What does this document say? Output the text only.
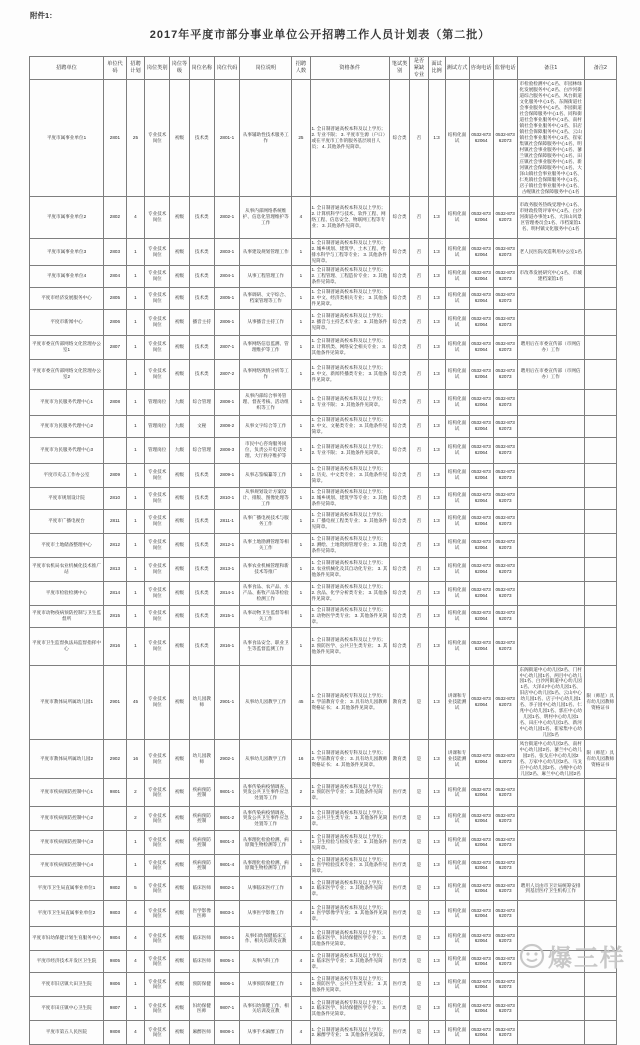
附件1：
2017年平度市部分事业单位公开招聘工作人员计划表（第二批）
招聘单位	单位代码	招聘计划	岗位类别	岗位等级	岗位名称	岗位代码	岗位说明	招聘人数	资格条件	笔试类别	是否紧缺专业	面试比例	测试方式	咨询电话	监督电话	备注1	备注2
平度市属事业单位1	2801	25	专业技术岗位	初级	技术类	2801-1	从事辅助性技术服务工作	25	1. 全日制普通高校本科及以上学历； 2. 专业不限； 3. 平度市生源（户口）或在平度市工作的服务基层项目人员； 4. 其他条件见简章。	综合类	否	1:3	结构化面试	0532-87362064	0532-87362073	市检验检测中心1名、市园林绿化发展服务中心2名、白沙河街道综合服务中心1名、凤台街道文化服务中心1名、东阁街道社会事业服务中心1名、李园街道社会保障服务中心1名、同和街道社会事业服务中心1名、南村镇社会事业服务中心1名、旧店镇社会保障服务中心1名、云山镇社会事业服务中心1名、崔家集镇社会保障服务中心1名、明村镇社会事业服务中心1名、蓼兰镇社会保障服务中心1名、田庄镇社会事业服务中心1名、新河镇社会保障服务中心1名、大泽山镇社会事业服务中心1名、仁兆镇社会保障服务中心1名、店子镇社会事业服务中心1名、古岘镇社会保障服务中心1名	
平度市属事业单位2	2802	4	专业技术岗位	初级	技术类	2802-1	从事内部网络系统维护、信息化管理维护等工作	4	1. 全日制普通高校本科及以上学历； 2. 计算机科学与技术、软件工程、网络工程、信息安全、物联网工程等专业； 3. 其他条件见简章。	综合类	否	1:3	结构化面试	0532-87362064	0532-87362073	市政务服务热线受理中心1名、市财政投资评审中心1名、白沙河街道办事处1名、大泽山风景区管理委员会1名、市档案馆1名、明村镇文化服务中心1名	
平度市属事业单位3	2803	1	专业技术岗位	初级	技术类	2803-1	从事建设规划管理工作	1	1. 全日制普通高校本科及以上学历； 2. 城乡规划、建筑学、土木工程、给排水科学与工程等专业； 3. 其他条件见简章。	综合类	否	1:3	结构化面试	0532-87362064	0532-87362073	老人民医院改造利用办公室1名	
平度市属事业单位4	2804	1	专业技术岗位	初级	技术类	2804-1	从事工程管理工作	1	1. 全日制普通高校本科及以上学历； 2. 工程管理、工程造价专业； 3. 其他条件见简章。	综合类	否	1:3	结构化面试	0532-87362064	0532-87362073	市改革发展研究中心1名、市城建档案馆1名	
平度市经济发展服务中心	2805	1	专业技术岗位	初级	技术类	2805-1	从事调研、文字综合、档案管理等工作	1	1. 全日制普通高校本科及以上学历； 2. 中文、经济类相关专业； 3. 其他条件见简章。	综合类	否	1:3	结构化面试	0532-87362064	0532-87362073		
平度市新闻中心	2806	1	专业技术岗位	初级	播音主持	2806-1	从事播音主持工作	1	1. 全日制普通高校本科及以上学历； 2. 播音与主持艺术专业； 3. 其他条件见简章。	综合类	否	1:3	结构化面试	0532-87362064	0532-87362073		
平度市委宣传部网络文化管理办公室1	2807	1	专业技术岗位	初级	技术类	2807-1	从事网络信息监测、管理维护等工作	1	1. 全日制普通高校本科及以上学历； 2. 计算机类、网络安全相关专业； 3. 其他条件见简章。	综合类	否	1:3	结构化面试	0532-87362064	0532-87362073	聘用后在市委宣传部（市网信办）工作	
平度市委宣传部网络文化管理办公室2		1	专业技术岗位	初级	技术类	2807-2	从事网络舆情分析等工作	1	1. 全日制普通高校本科及以上学历； 2. 中文、新闻传播类专业； 3. 其他条件见简章。	综合类	否	1:3	结构化面试	0532-87362064	0532-87362073	聘用后在市委宣传部（市网信办）工作	
平度市为民服务代理中心1	2808	1	管理岗位	九级	综合管理	2808-1	从事内部综合事务管理、督查考核、活动组织等工作	1	1. 全日制普通高校本科及以上学历； 2. 专业不限； 3. 其他条件见简章。	综合类	否	1:3	结构化面试	0532-87362064	0532-87362073		
平度市为民服务代理中心2		1	管理岗位	九级	文秘	2808-2	从事文字综合等工作	1	1. 全日制普通高校本科及以上学历； 2. 中文、文秘类专业； 3. 其他条件见简章。	综合类	否	1:3	结构化面试	0532-87362064	0532-87362073		
平度市为民服务代理中心3		1	管理岗位	九级	综合管理	2808-3	市民中心咨询服务岗位，负责公开电话受理、大厅秩序维护等	1	1. 全日制普通高校本科及以上学历； 2. 专业不限； 3. 其他条件见简章。	综合类	否	1:3	结构化面试	0532-87362064	0532-87362073		
平度市史志工作办公室	2809	1	专业技术岗位	初级	技术类	2809-1	从事志鉴编纂等工作	1	1. 全日制普通高校本科及以上学历； 2. 历史、中文类专业； 3. 其他条件见简章。	综合类	否	1:3	结构化面试	0532-87362064	0532-87362073		
平度市规划设计院	2810	1	专业技术岗位	初级	技术类	2810-1	从事规划设计方案设计、排版、图像处理等工作	1	1. 全日制普通高校本科及以上学历； 2. 城乡规划、建筑学等专业； 3. 其他条件见简章。	综合类	否	1:3	结构化面试	0532-87362064	0532-87362073		
平度市广播电视台	2811	1	专业技术岗位	初级	技术类	2811-1	从事广播电视技术与服务工作	1	1. 全日制普通高校本科及以上学历； 2. 广播电视工程类专业； 3. 其他条件见简章。	综合类	否	1:3	结构化面试	0532-87362064	0532-87362073		
平度市土地储备整理中心	2812	1	专业技术岗位	初级	技术类	2812-1	从事土地勘测管理等相关工作	1	1. 全日制普通高校本科及以上学历； 2. 测绘、土地资源管理专业； 3. 其他条件见简章。	综合类	否	1:3	结构化面试	0532-87362064	0532-87362073		
平度市农机局农业机械化技术推广站	2813	1	专业技术岗位	初级	技术类	2813-1	从事农业机械管理和新技术等推广	1	1. 全日制普通高校本科及以上学历； 2. 农业机械化及其自动化专业； 3. 其他条件见简章。	综合类	否	1:3	结构化面试	0532-87362064	0532-87362073		
平度市检验检测中心	2814	1	专业技术岗位	初级	技术类	2814-1	从事食品、农产品、水产品、畜牧产品等检验检测工作	1	1. 全日制普通高校本科及以上学历； 2. 食品、化学分析类专业； 3. 其他条件见简章。	综合类	否	1:3	结构化面试	0532-87362064	0532-87362073		
平度市动物疫病预防控制与卫生监督所	2815	1	专业技术岗位	初级	技术类	2815-1	从事动物卫生监督等相关工作	1	1. 全日制普通高校本科及以上学历； 2. 动物医学类专业； 3. 其他条件见简章。	综合类	否	1:3	结构化面试	0532-87362064	0532-87362073		
平度市卫生监督执法局监督指挥中心	2816	1	专业技术岗位	初级	技术类	2816-1	从事食品安全、职业卫生等监督监测工作	1	1. 全日制普通高校本科及以上学历； 2. 预防医学、公共卫生类专业； 3. 其他条件见简章。	综合类	否	1:3	结构化面试	0532-87362064	0532-87362073		
平度市教体局所属幼儿园1	2901	45	专业技术岗位	初级	幼儿园教师	2901-1	从事幼儿园教学工作	45	1. 全日制普通高校专科及以上学历； 2. 学前教育专业； 3. 具有幼儿园教师资格证书； 4. 其他条件见简章。	教育类	是	1:3	讲课和专业技能测试	0532-87362064	0532-87362073	东阁街道中心幼儿园2名、门村中心幼儿园1名、两目中心幼儿园1名、白沙河街道中心幼儿园1名、大泽山中心幼儿园1名、旧店中心幼儿园1名、云山中心幼儿园1名、店子中心幼儿园1名、李子园中心幼儿园1名、仁兆中心幼儿园1名、郭庄中心幼儿园1名、明村中心幼儿园1名、田庄中心幼儿园1名、新河中心幼儿园1名、崔家集中心幼儿园1名	限（师范）具有幼儿园教师资格证书
平度市教体局所属幼儿园2	2902	16	专业技术岗位	初级	幼儿园教师	2902-1	从事幼儿园教学工作	16	1. 全日制普通高校专科及以上学历； 2. 学前教育专业； 3. 具有幼儿园教师资格证书； 4. 其他条件见简章。	教育类	是	1:3	讲课和专业技能测试	0532-87362064	0532-87362073	凤台街道中心幼儿园2名、南村中心幼儿园2名、蓼兰中心幼儿园2名、张戈庄中心幼儿园2名、万家中心幼儿园2名、马戈庄中心幼儿园2名、古岘中心幼儿园2名、麻兰中心幼儿园2名	限（师范）具有幼儿园教师资格证书
平度市疾病预防控制中心1	9801	2	专业技术岗位	初级	疾病预防控制	9801-1	从事传染病疫情调查、突发公共卫生事件应急处置等工作	2	1. 全日制普通高校本科及以上学历； 2. 预防医学专业； 3. 其他条件见简章。	医疗类	是	1:3	结构化面试	0532-87362064	0532-87362073		
平度市疾病预防控制中心2		2	专业技术岗位	初级	疾病预防控制	9801-2	从事传染病疫情调查、突发公共卫生事件应急处置等工作	2	1. 全日制普通高校本科及以上学历； 2. 公共卫生类专业； 3. 其他条件见简章。	医疗类	是	1:3	结构化面试	0532-87362064	0532-87362073		
平度市疾病预防控制中心3		1	专业技术岗位	初级	疾病预防控制	9801-3	从事理化检验检测、病原微生物检测等工作	1	1. 全日制普通高校本科及以上学历； 2. 卫生检验与检疫专业； 3. 其他条件见简章。	医疗类	是	1:3	结构化面试	0532-87362064	0532-87362073		
平度市疾病预防控制中心4		1	专业技术岗位	初级	疾病预防控制	9801-4	从事理化检验检测、病原微生物检测等工作	1	1. 全日制普通高校本科及以上学历； 2. 医学检验技术专业； 3. 其他条件见简章。	医疗类	是	1:3	结构化面试	0532-87362064	0532-87362073		
平度市卫生局直属事业单位1	9802	5	专业技术岗位	初级	临床医师	9802-1	从事临床医疗工作	5	1. 全日制普通高校本科及以上学历； 2. 临床医学专业； 3. 其他条件见简章。	医疗类	是	1:3	结构化面试	0532-87362064	0532-87362073	聘用人员由市卫计局统筹安排到基层医疗卫生机构工作	
平度市卫生局直属事业单位2	9803	4	专业技术岗位	初级	医学影像医师	9803-1	从事医学影像工作	4	1. 全日制普通高校本科及以上学历； 2. 医学影像学专业； 3. 其他条件见简章。	医疗类	是	1:3	结构化面试	0532-87362064	0532-87362073		
平度市妇幼保健计划生育服务中心	9804	4	专业技术岗位	初级	临床医师	9804-1	从事妇幼保健临床工作、相关培训及宣教	4	1. 全日制普通高校本科及以上学历； 2. 临床医学、妇幼保健医学专业； 3. 其他条件见简章。	医疗类	是	1:3	结构化面试	0532-87362064	0532-87362073		
平度市经济技术开发区卫生院	9805	4	专业技术岗位	初级	临床医师	9805-1	从事内科工作	4	1. 全日制普通高校本科及以上学历； 2. 临床医学专业； 3. 其他条件见简章。	医疗类	是	1:3	结构化面试	0532-87362064	0532-87362073		
平度市旧店镇大田卫生院	9806	1	专业技术岗位	初级	预防保健	9806-1	从事预防保健工作	1	1. 全日制普通高校专科及以上学历； 2. 预防医学、公共卫生类专业； 3. 其他条件见简章。	医疗类	是	1:3	结构化面试	0532-87362064	0532-87362073		
平度市田庄镇中心卫生院	9807	1	专业技术岗位	初级	妇幼保健医师	9807-1	从事妇幼保健工作、相关培训及宣教	1	1. 全日制普通高校专科及以上学历； 2. 临床医学、妇幼保健医学专业； 3. 其他条件见简章。	医疗类	是	1:3	结构化面试	0532-87362064	0532-87362073		
平度市第五人民医院	9808	4	专业技术岗位	初级	麻醉医师	9808-1	从事手术麻醉工作	4	1. 全日制普通高校本科及以上学历； 2. 麻醉学专业； 3. 其他条件见简章。	医疗类	是	1:3	结构化面试	0532-87362064	0532-87362073		
爆三样
